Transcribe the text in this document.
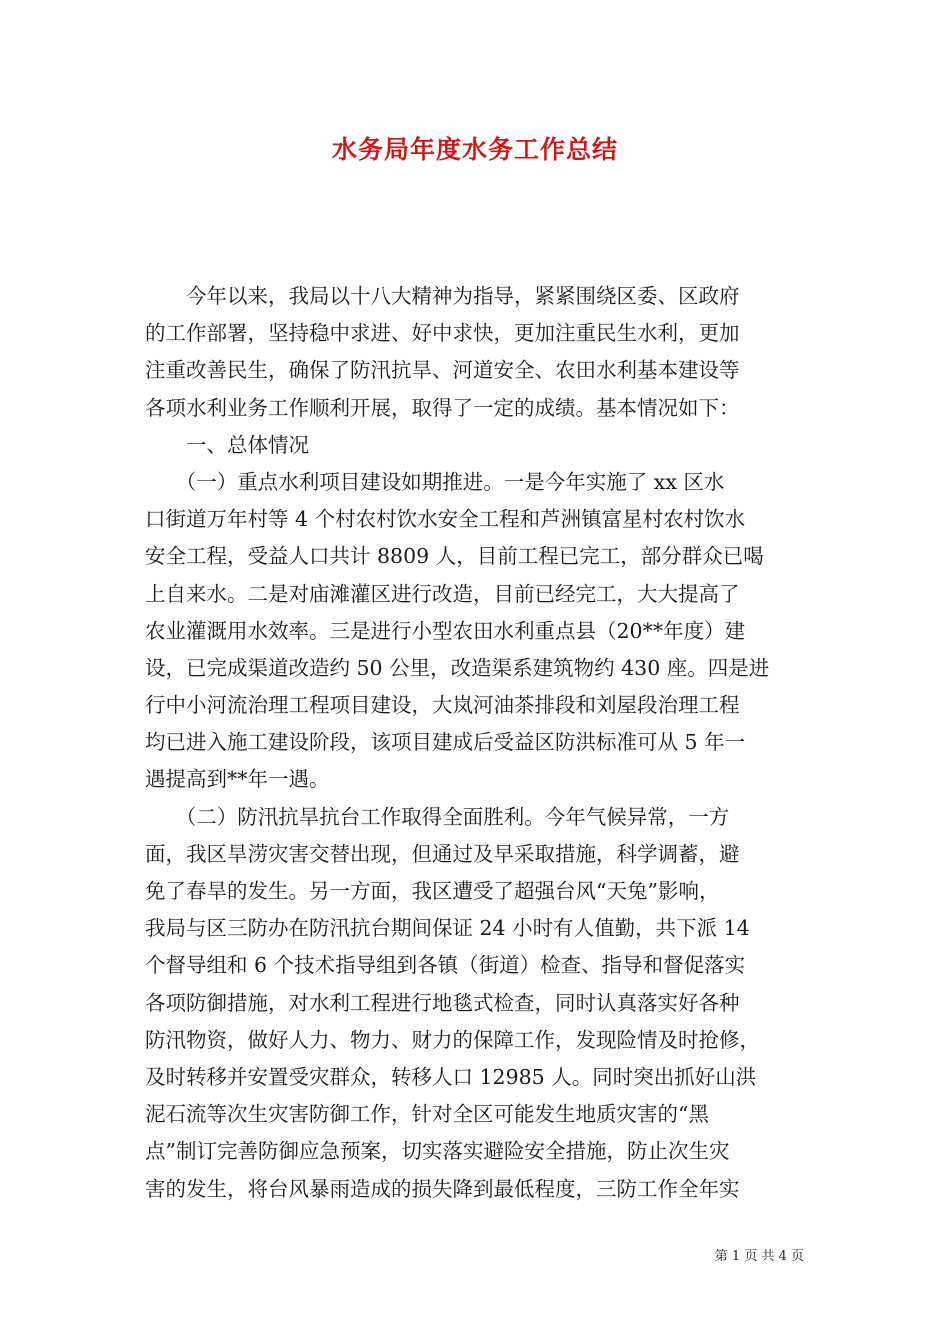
水务局年度水务工作总结
　　今年以来，我局以十八大精神为指导，紧紧围绕区委、区政府
的工作部署，坚持稳中求进、好中求快，更加注重民生水利，更加
注重改善民生，确保了防汛抗旱、河道安全、农田水利基本建设等
各项水利业务工作顺利开展，取得了一定的成绩。基本情况如下：
　　一、总体情况
　　（一）重点水利项目建设如期推进。一是今年实施了 xx 区水
口街道万年村等 4 个村农村饮水安全工程和芦洲镇富星村农村饮水
安全工程，受益人口共计 8809 人，目前工程已完工，部分群众已喝
上自来水。二是对庙滩灌区进行改造，目前已经完工，大大提高了
农业灌溉用水效率。三是进行小型农田水利重点县（20**年度）建
设，已完成渠道改造约 50 公里，改造渠系建筑物约 430 座。四是进
行中小河流治理工程项目建设，大岚河油茶排段和刘屋段治理工程
均已进入施工建设阶段，该项目建成后受益区防洪标准可从 5 年一
遇提高到**年一遇。
　　（二）防汛抗旱抗台工作取得全面胜利。今年气候异常，一方
面，我区旱涝灾害交替出现，但通过及早采取措施，科学调蓄，避
免了春旱的发生。另一方面，我区遭受了超强台风“天兔”影响，
我局与区三防办在防汛抗台期间保证 24 小时有人值勤，共下派 14
个督导组和 6 个技术指导组到各镇（街道）检查、指导和督促落实
各项防御措施，对水利工程进行地毯式检查，同时认真落实好各种
防汛物资，做好人力、物力、财力的保障工作，发现险情及时抢修，
及时转移并安置受灾群众，转移人口 12985 人。同时突出抓好山洪
泥石流等次生灾害防御工作，针对全区可能发生地质灾害的“黑
点”制订完善防御应急预案，切实落实避险安全措施，防止次生灾
害的发生，将台风暴雨造成的损失降到最低程度，三防工作全年实
第 1 页 共 4 页
